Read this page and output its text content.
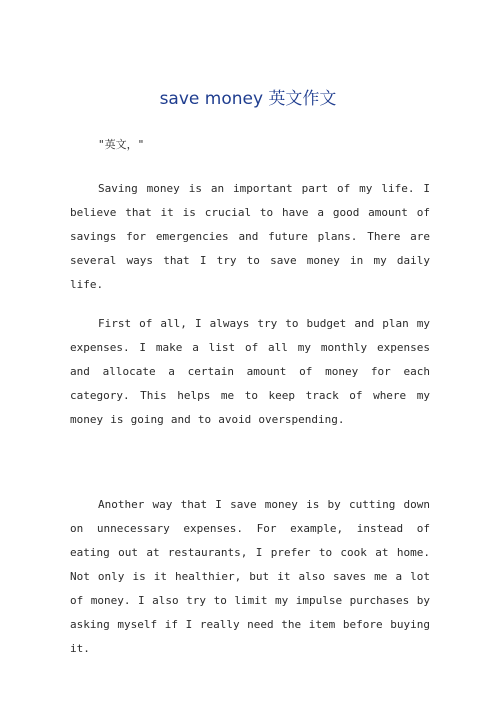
save money 英文作文

"英文，"

Saving money is an important part of my life. I believe that it is crucial to have a good amount of savings for emergencies and future plans. There are several ways that I try to save money in my daily life.

First of all, I always try to budget and plan my expenses. I make a list of all my monthly expenses and allocate a certain amount of money for each category. This helps me to keep track of where my money is going and to avoid overspending.

Another way that I save money is by cutting down on unnecessary expenses. For example, instead of eating out at restaurants, I prefer to cook at home. Not only is it healthier, but it also saves me a lot of money. I also try to limit my impulse purchases by asking myself if I really need the item before buying it.
